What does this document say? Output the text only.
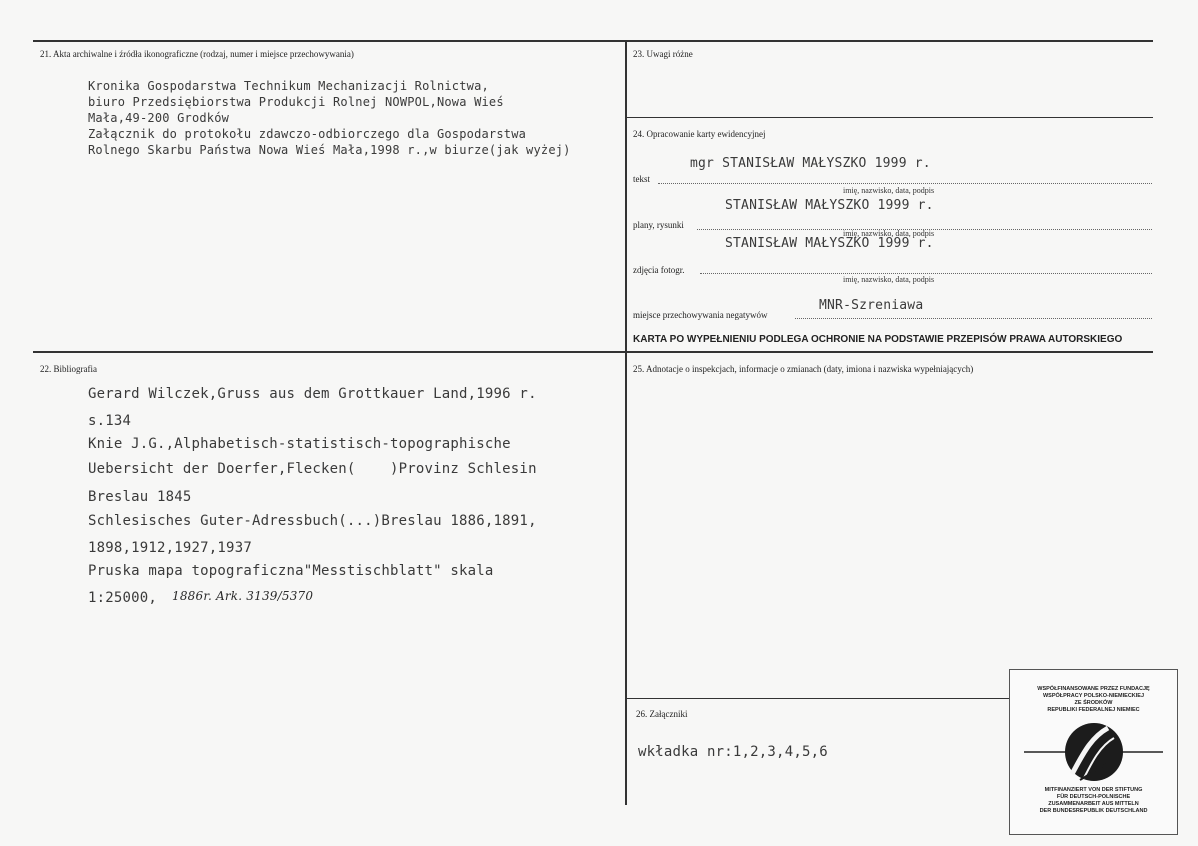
21. Akta archiwalne i źródła ikonograficzne (rodzaj, numer i miejsce przechowywania)
Kronika Gospodarstwa Technikum Mechanizacji Rolnictwa,
biuro Przedsiębiorstwa Produkcji Rolnej NOWPOL,Nowa Wieś
Mała,49-200 Grodków
Załącznik do protokołu zdawczo-odbiorczego dla Gospodarstwa
Rolnego Skarbu Państwa Nowa Wieś Mała,1998 r.,w biurze(jak wyżej)
23. Uwagi różne
24. Opracowanie karty ewidencyjnej
mgr STANISŁAW MAŁYSZKO 1999 r.
tekst
imię, nazwisko, data, podpis
STANISŁAW MAŁYSZKO 1999 r.
plany, rysunki
imię, nazwisko, data, podpis
STANISŁAW MAŁYSZKO 1999 r.
zdjęcia fotogr.
imię, nazwisko, data, podpis
MNR-Szreniawa
miejsce przechowywania negatywów
KARTA PO WYPEŁNIENIU PODLEGA OCHRONIE NA PODSTAWIE PRZEPISÓW PRAWA AUTORSKIEGO
22. Bibliografia
Gerard Wilczek,Gruss aus dem Grottkauer Land,1996 r.
s.134
Knie J.G.,Alphabetisch-statistisch-topographische
Uebersicht der Doerfer,Flecken(    )Provinz Schlesin
Breslau 1845
Schlesisches Guter-Adressbuch(...)Breslau 1886,1891,
1898,1912,1927,1937
Pruska mapa topograficzna"Messtischblatt" skala
1:25000, 1886r. Ark. 3139/5370
25. Adnotacje o inspekcjach, informacje o zmianach (daty, imiona i nazwiska wypełniających)
26. Załączniki
wkładka nr:1,2,3,4,5,6
WSPÓŁFINANSOWANE PRZEZ FUNDACJĘ
WSPÓŁPRACY POLSKO-NIEMIECKIEJ
ZE ŚRODKÓW
REPUBLIKI FEDERALNEJ NIEMIEC
MITFINANZIERT VON DER STIFTUNG
FÜR DEUTSCH-POLNISCHE
ZUSAMMENARBEIT AUS MITTELN
DER BUNDESREPUBLIK DEUTSCHLAND
